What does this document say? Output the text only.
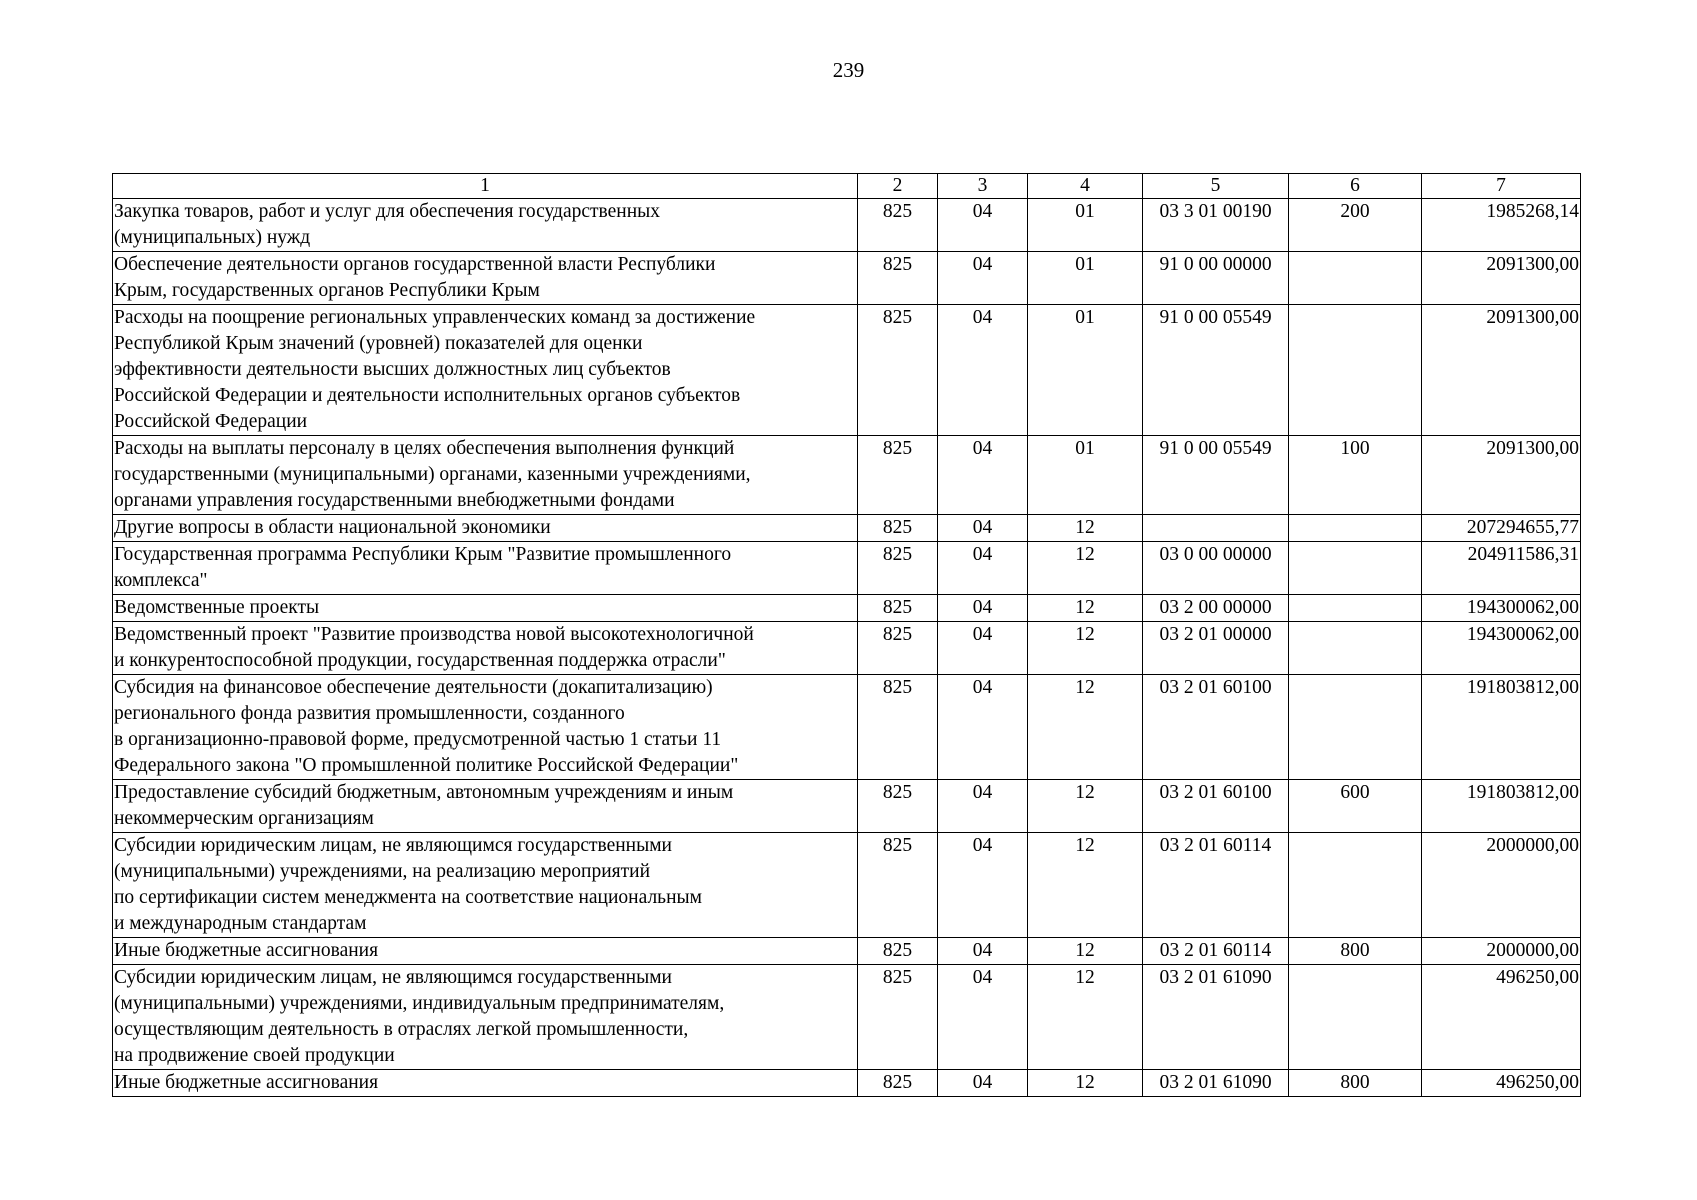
239
1	2	3	4	5	6	7

Закупка товаров, работ и услуг для обеспечения государственных
(муниципальных) нужд	825	04	01	03 3 01 00190	200	1985268,14

Обеспечение деятельности органов государственной власти Республики
Крым, государственных органов Республики Крым	825	04	01	91 0 00 00000		2091300,00

Расходы на поощрение региональных управленческих команд за достижение
Республикой Крым значений (уровней) показателей для оценки
эффективности деятельности высших должностных лиц субъектов
Российской Федерации и деятельности исполнительных органов субъектов
Российской Федерации	825	04	01	91 0 00 05549		2091300,00

Расходы на выплаты персоналу в целях обеспечения выполнения функций
государственными (муниципальными) органами, казенными учреждениями,
органами управления государственными внебюджетными фондами	825	04	01	91 0 00 05549	100	2091300,00

Другие вопросы в области национальной экономики	825	04	12			207294655,77

Государственная программа Республики Крым "Развитие промышленного
комплекса"	825	04	12	03 0 00 00000		204911586,31

Ведомственные проекты	825	04	12	03 2 00 00000		194300062,00

Ведомственный проект "Развитие производства новой высокотехнологичной
и конкурентоспособной продукции, государственная поддержка отрасли"	825	04	12	03 2 01 00000		194300062,00

Субсидия на финансовое обеспечение деятельности (докапитализацию)
регионального фонда развития промышленности, созданного
в организационно-правовой форме, предусмотренной частью 1 статьи 11
Федерального закона "О промышленной политике Российской Федерации"	825	04	12	03 2 01 60100		191803812,00

Предоставление субсидий бюджетным, автономным учреждениям и иным
некоммерческим организациям	825	04	12	03 2 01 60100	600	191803812,00

Субсидии юридическим лицам, не являющимся государственными
(муниципальными) учреждениями, на реализацию мероприятий
по сертификации систем менеджмента на соответствие национальным
и международным стандартам	825	04	12	03 2 01 60114		2000000,00

Иные бюджетные ассигнования	825	04	12	03 2 01 60114	800	2000000,00

Субсидии юридическим лицам, не являющимся государственными
(муниципальными) учреждениями, индивидуальным предпринимателям,
осуществляющим деятельность в отраслях легкой промышленности,
на продвижение своей продукции	825	04	12	03 2 01 61090		496250,00

Иные бюджетные ассигнования	825	04	12	03 2 01 61090	800	496250,00
